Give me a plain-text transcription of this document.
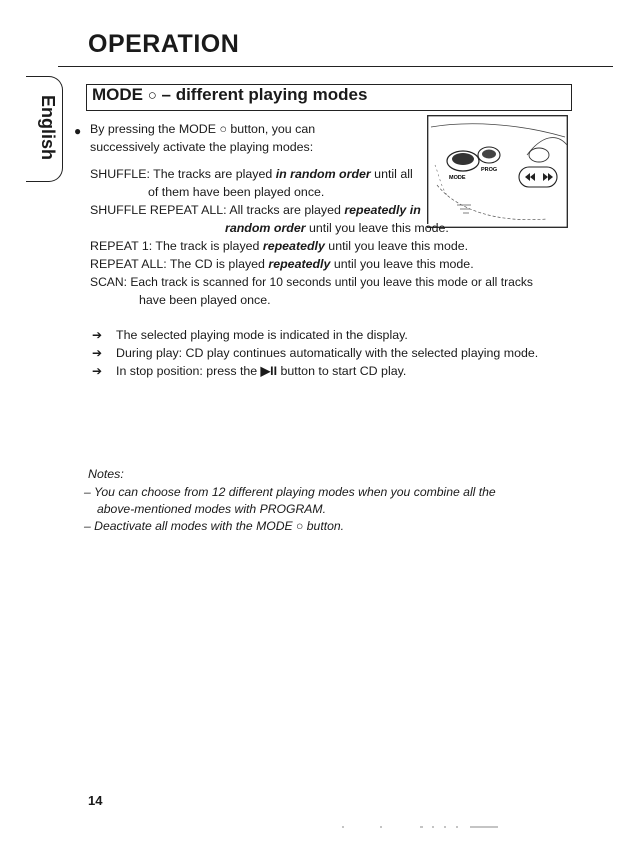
OPERATION
English
MODE ○ – different playing modes
● By pressing the MODE ○ button, you can
successively activate the playing modes:
MODE
PROG
SHUFFLE: The tracks are played in random order until all
of them have been played once.
SHUFFLE REPEAT ALL: All tracks are played repeatedly in
random order until you leave this mode.
REPEAT 1: The track is played repeatedly until you leave this mode.
REPEAT ALL: The CD is played repeatedly until you leave this mode.
SCAN: Each track is scanned for 10 seconds until you leave this mode or all tracks
have been played once.
➔ The selected playing mode is indicated in the display.
➔ During play: CD play continues automatically with the selected playing mode.
➔ In stop position: press the ▶II button to start CD play.
Notes:
– You can choose from 12 different playing modes when you combine all the
above-mentioned modes with PROGRAM.
– Deactivate all modes with the MODE ○ button.
14
